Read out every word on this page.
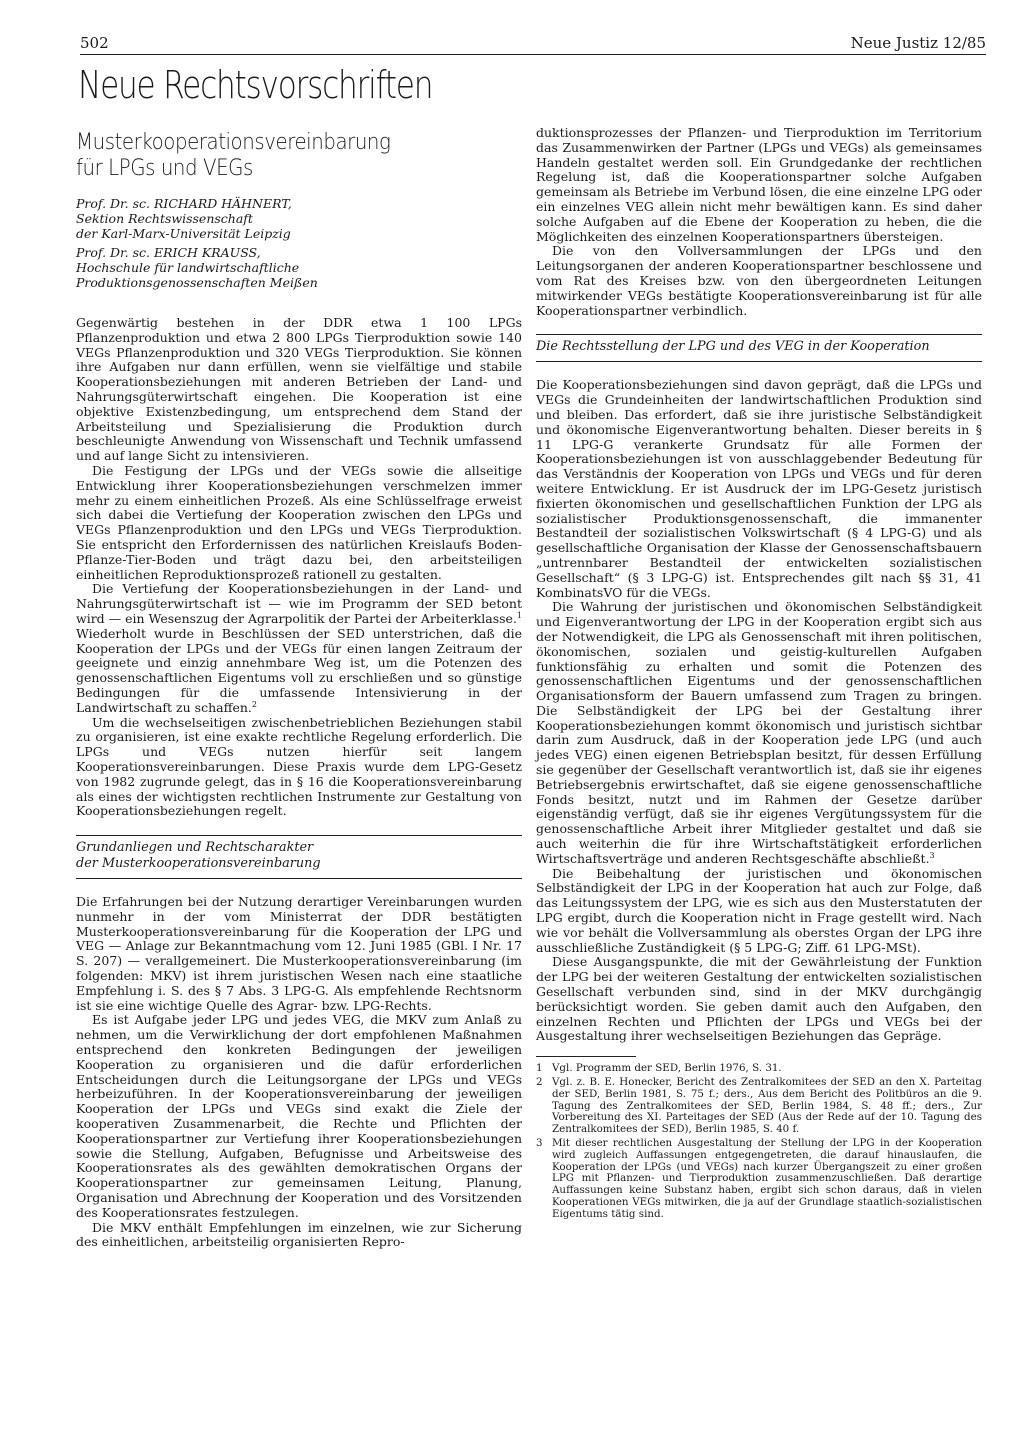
502	Neue Justiz 12/85
Neue Rechtsvorschriften
Musterkooperationsvereinbarung
für LPGs und VEGs
Prof. Dr. sc. RICHARD HÄHNERT,
Sektion Rechtswissenschaft
der Karl-Marx-Universität Leipzig
Prof. Dr. sc. ERICH KRAUSS,
Hochschule für landwirtschaftliche
Produktionsgenossenschaften Meißen

Gegenwärtig bestehen in der DDR etwa 1 100 LPGs Pflanzenproduktion und etwa 2 800 LPGs Tierproduktion sowie 140 VEGs Pflanzenproduktion und 320 VEGs Tierproduktion. Sie können ihre Aufgaben nur dann erfüllen, wenn sie vielfältige und stabile Kooperationsbeziehungen mit anderen Betrieben der Land- und Nahrungsgüterwirtschaft eingehen. Die Kooperation ist eine objektive Existenzbedingung, um entsprechend dem Stand der Arbeitsteilung und Spezialisierung die Produktion durch beschleunigte Anwendung von Wissenschaft und Technik umfassend und auf lange Sicht zu intensivieren.

Die Festigung der LPGs und der VEGs sowie die allseitige Entwicklung ihrer Kooperationsbeziehungen verschmelzen immer mehr zu einem einheitlichen Prozeß. Als eine Schlüsselfrage erweist sich dabei die Vertiefung der Kooperation zwischen den LPGs und VEGs Pflanzenproduktion und den LPGs und VEGs Tierproduktion. Sie entspricht den Erfordernissen des natürlichen Kreislaufs Boden-Pflanze-Tier-Boden und trägt dazu bei, den arbeitsteiligen einheitlichen Reproduktionsprozeß rationell zu gestalten.

Die Vertiefung der Kooperationsbeziehungen in der Land- und Nahrungsgüterwirtschaft ist — wie im Programm der SED betont wird — ein Wesenszug der Agrarpolitik der Partei der Arbeiterklasse.$^1$ Wiederholt wurde in Beschlüssen der SED unterstrichen, daß die Kooperation der LPGs und der VEGs für einen langen Zeitraum der geeignete und einzig annehmbare Weg ist, um die Potenzen des genossenschaftlichen Eigentums voll zu erschließen und so günstige Bedingungen für die umfassende Intensivierung in der Landwirtschaft zu schaffen.$^2$

Um die wechselseitigen zwischenbetrieblichen Beziehungen stabil zu organisieren, ist eine exakte rechtliche Regelung erforderlich. Die LPGs und VEGs nutzen hierfür seit langem Kooperationsvereinbarungen. Diese Praxis wurde dem LPG-Gesetz von 1982 zugrunde gelegt, das in § 16 die Kooperationsvereinbarung als eines der wichtigsten rechtlichen Instrumente zur Gestaltung von Kooperationsbeziehungen regelt.

Grundanliegen und Rechtscharakter
der Musterkooperationsvereinbarung

Die Erfahrungen bei der Nutzung derartiger Vereinbarungen wurden nunmehr in der vom Ministerrat der DDR bestätigten Musterkooperationsvereinbarung für die Kooperation der LPG und VEG — Anlage zur Bekanntmachung vom 12. Juni 1985 (GBl. I Nr. 17 S. 207) — verallgemeinert. Die Musterkooperationsvereinbarung (im folgenden: MKV) ist ihrem juristischen Wesen nach eine staatliche Empfehlung i. S. des § 7 Abs. 3 LPG-G. Als empfehlende Rechtsnorm ist sie eine wichtige Quelle des Agrar- bzw. LPG-Rechts.

Es ist Aufgabe jeder LPG und jedes VEG, die MKV zum Anlaß zu nehmen, um die Verwirklichung der dort empfohlenen Maßnahmen entsprechend den konkreten Bedingungen der jeweiligen Kooperation zu organisieren und die dafür erforderlichen Entscheidungen durch die Leitungsorgane der LPGs und VEGs herbeizuführen. In der Kooperationsvereinbarung der jeweiligen Kooperation der LPGs und VEGs sind exakt die Ziele der kooperativen Zusammenarbeit, die Rechte und Pflichten der Kooperationspartner zur Vertiefung ihrer Kooperationsbeziehungen sowie die Stellung, Aufgaben, Befugnisse und Arbeitsweise des Kooperationsrates als des gewählten demokratischen Organs der Kooperationspartner zur gemeinsamen Leitung, Planung, Organisation und Abrechnung der Kooperation und des Vorsitzenden des Kooperationsrates festzulegen.

Die MKV enthält Empfehlungen im einzelnen, wie zur Sicherung des einheitlichen, arbeitsteilig organisierten Repro-

duktionsprozesses der Pflanzen- und Tierproduktion im Territorium das Zusammenwirken der Partner (LPGs und VEGs) als gemeinsames Handeln gestaltet werden soll. Ein Grundgedanke der rechtlichen Regelung ist, daß die Kooperationspartner solche Aufgaben gemeinsam als Betriebe im Verbund lösen, die eine einzelne LPG oder ein einzelnes VEG allein nicht mehr bewältigen kann. Es sind daher solche Aufgaben auf die Ebene der Kooperation zu heben, die die Möglichkeiten des einzelnen Kooperationspartners übersteigen.

Die von den Vollversammlungen der LPGs und den Leitungsorganen der anderen Kooperationspartner beschlossene und vom Rat des Kreises bzw. von den übergeordneten Leitungen mitwirkender VEGs bestätigte Kooperationsvereinbarung ist für alle Kooperationspartner verbindlich.

Die Rechtsstellung der LPG und des VEG in der Kooperation

Die Kooperationsbeziehungen sind davon geprägt, daß die LPGs und VEGs die Grundeinheiten der landwirtschaftlichen Produktion sind und bleiben. Das erfordert, daß sie ihre juristische Selbständigkeit und ökonomische Eigenverantwortung behalten. Dieser bereits in § 11 LPG-G verankerte Grundsatz für alle Formen der Kooperationsbeziehungen ist von ausschlaggebender Bedeutung für das Verständnis der Kooperation von LPGs und VEGs und für deren weitere Entwicklung. Er ist Ausdruck der im LPG-Gesetz juristisch fixierten ökonomischen und gesellschaftlichen Funktion der LPG als sozialistischer Produktionsgenossenschaft, die immanenter Bestandteil der sozialistischen Volkswirtschaft (§ 4 LPG-G) und als gesellschaftliche Organisation der Klasse der Genossenschaftsbauern „untrennbarer Bestandteil der entwickelten sozialistischen Gesellschaft“ (§ 3 LPG-G) ist. Entsprechendes gilt nach §§ 31, 41 KombinatsVO für die VEGs.

Die Wahrung der juristischen und ökonomischen Selbständigkeit und Eigenverantwortung der LPG in der Kooperation ergibt sich aus der Notwendigkeit, die LPG als Genossenschaft mit ihren politischen, ökonomischen, sozialen und geistig-kulturellen Aufgaben funktionsfähig zu erhalten und somit die Potenzen des genossenschaftlichen Eigentums und der genossenschaftlichen Organisationsform der Bauern umfassend zum Tragen zu bringen. Die Selbständigkeit der LPG bei der Gestaltung ihrer Kooperationsbeziehungen kommt ökonomisch und juristisch sichtbar darin zum Ausdruck, daß in der Kooperation jede LPG (und auch jedes VEG) einen eigenen Betriebsplan besitzt, für dessen Erfüllung sie gegenüber der Gesellschaft verantwortlich ist, daß sie ihr eigenes Betriebsergebnis erwirtschaftet, daß sie eigene genossenschaftliche Fonds besitzt, nutzt und im Rahmen der Gesetze darüber eigenständig verfügt, daß sie ihr eigenes Vergütungssystem für die genossenschaftliche Arbeit ihrer Mitglieder gestaltet und daß sie auch weiterhin die für ihre Wirtschaftstätigkeit erforderlichen Wirtschaftsverträge und anderen Rechtsgeschäfte abschließt.$^3$

Die Beibehaltung der juristischen und ökonomischen Selbständigkeit der LPG in der Kooperation hat auch zur Folge, daß das Leitungssystem der LPG, wie es sich aus den Musterstatuten der LPG ergibt, durch die Kooperation nicht in Frage gestellt wird. Nach wie vor behält die Vollversammlung als oberstes Organ der LPG ihre ausschließliche Zuständigkeit (§ 5 LPG-G; Ziff. 61 LPG-MSt).

Diese Ausgangspunkte, die mit der Gewährleistung der Funktion der LPG bei der weiteren Gestaltung der entwickelten sozialistischen Gesellschaft verbunden sind, sind in der MKV durchgängig berücksichtigt worden. Sie geben damit auch den Aufgaben, den einzelnen Rechten und Pflichten der LPGs und VEGs bei der Ausgestaltung ihrer wechselseitigen Beziehungen das Gepräge.

1 Vgl. Programm der SED, Berlin 1976, S. 31.
2 Vgl. z. B. E. Honecker, Bericht des Zentralkomitees der SED an den X. Parteitag der SED, Berlin 1981, S. 75 f.; ders., Aus dem Bericht des Politbüros an die 9. Tagung des Zentralkomitees der SED, Berlin 1984, S. 48 ff.; ders., Zur Vorbereitung des XI. Parteitages der SED (Aus der Rede auf der 10. Tagung des Zentralkomitees der SED), Berlin 1985, S. 40 f.
3 Mit dieser rechtlichen Ausgestaltung der Stellung der LPG in der Kooperation wird zugleich Auffassungen entgegengetreten, die darauf hinauslaufen, die Kooperation der LPGs (und VEGs) nach kurzer Übergangszeit zu einer großen LPG mit Pflanzen- und Tierproduktion zusammenzuschließen. Daß derartige Auffassungen keine Substanz haben, ergibt sich schon daraus, daß in vielen Kooperationen VEGs mitwirken, die ja auf der Grundlage staatlich-sozialistischen Eigentums tätig sind.
